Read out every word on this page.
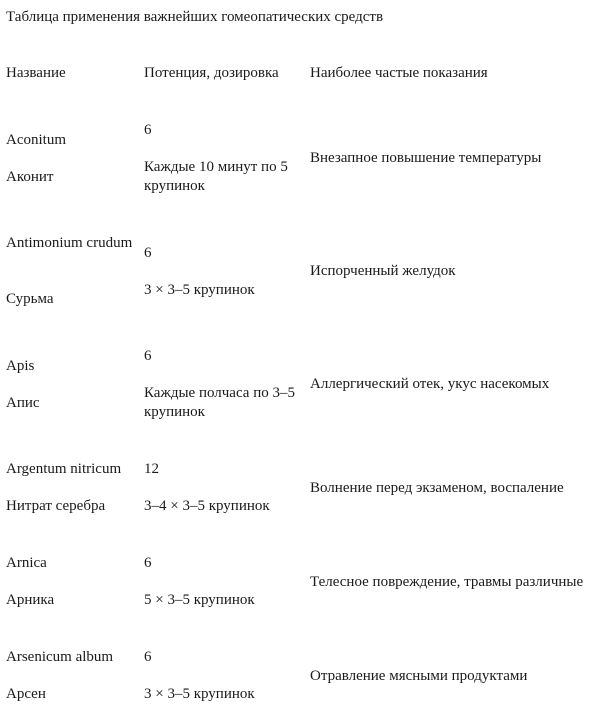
Таблица применения важнейших гомеопатических средств
Название	Потенция, дозировка	Наиболее частые показания
Aconitum
Аконит
6
Каждые 10 минут по 5 крупинок
Внезапное повышение температуры
Antimonium crudum
Сурьма
6
3 × 3–5 крупинок
Испорченный желудок
Apis
Апис
6
Каждые полчаса по 3–5 крупинок
Аллергический отек, укус насекомых
Argentum nitricum
Нитрат серебра
12
3–4 × 3–5 крупинок
Волнение перед экзаменом, воспаление
Arnica
Арника
6
5 × 3–5 крупинок
Телесное повреждение, травмы различные
Arsenicum album
Арсен
6
3 × 3–5 крупинок
Отравление мясными продуктами
